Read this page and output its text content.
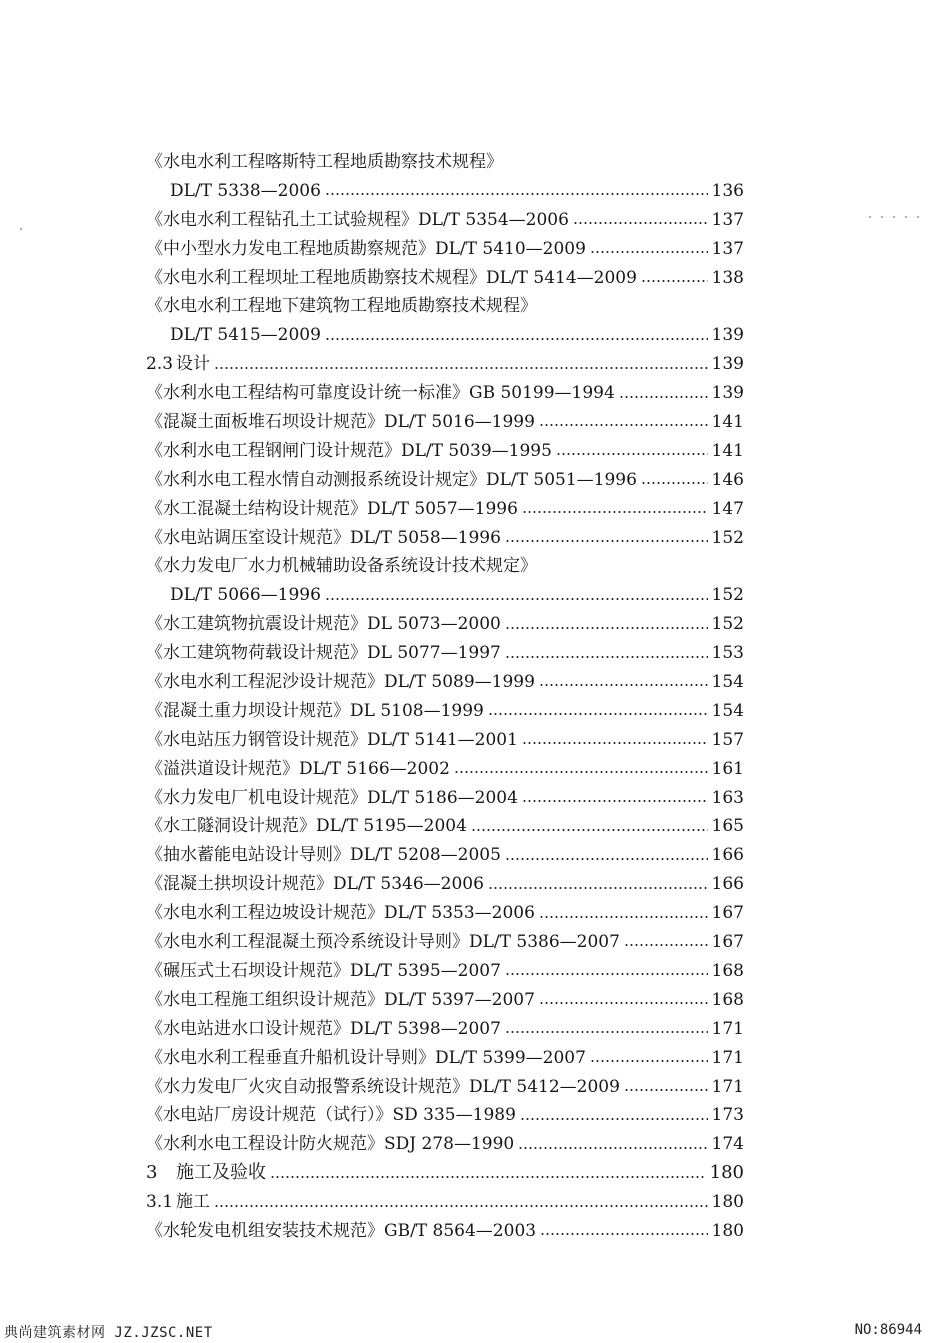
《水电水利工程喀斯特工程地质勘察技术规程》
DL/T 5338—2006	136
《水电水利工程钻孔土工试验规程》DL/T 5354—2006	137
《中小型水力发电工程地质勘察规范》DL/T 5410—2009	137
《水电水利工程坝址工程地质勘察技术规程》DL/T 5414—2009	138
《水电水利工程地下建筑物工程地质勘察技术规程》
DL/T 5415—2009	139
2.3 设计	139
《水利水电工程结构可靠度设计统一标准》GB 50199—1994	139
《混凝土面板堆石坝设计规范》DL/T 5016—1999	141
《水利水电工程钢闸门设计规范》DL/T 5039—1995	141
《水利水电工程水情自动测报系统设计规定》DL/T 5051—1996	146
《水工混凝土结构设计规范》DL/T 5057—1996	147
《水电站调压室设计规范》DL/T 5058—1996	152
《水力发电厂水力机械辅助设备系统设计技术规定》
DL/T 5066—1996	152
《水工建筑物抗震设计规范》DL 5073—2000	152
《水工建筑物荷载设计规范》DL 5077—1997	153
《水电水利工程泥沙设计规范》DL/T 5089—1999	154
《混凝土重力坝设计规范》DL 5108—1999	154
《水电站压力钢管设计规范》DL/T 5141—2001	157
《溢洪道设计规范》DL/T 5166—2002	161
《水力发电厂机电设计规范》DL/T 5186—2004	163
《水工隧洞设计规范》DL/T 5195—2004	165
《抽水蓄能电站设计导则》DL/T 5208—2005	166
《混凝土拱坝设计规范》DL/T 5346—2006	166
《水电水利工程边坡设计规范》DL/T 5353—2006	167
《水电水利工程混凝土预冷系统设计导则》DL/T 5386—2007	167
《碾压式土石坝设计规范》DL/T 5395—2007	168
《水电工程施工组织设计规范》DL/T 5397—2007	168
《水电站进水口设计规范》DL/T 5398—2007	171
《水电水利工程垂直升船机设计导则》DL/T 5399—2007	171
《水力发电厂火灾自动报警系统设计规范》DL/T 5412—2009	171
《水电站厂房设计规范（试行）》SD 335—1989	173
《水利水电工程设计防火规范》SDJ 278—1990	174
3 施工及验收	180
3.1 施工	180
《水轮发电机组安装技术规范》GB/T 8564—2003	180
典尚建筑素材网 JZ.JZSC.NET	NO:86944
